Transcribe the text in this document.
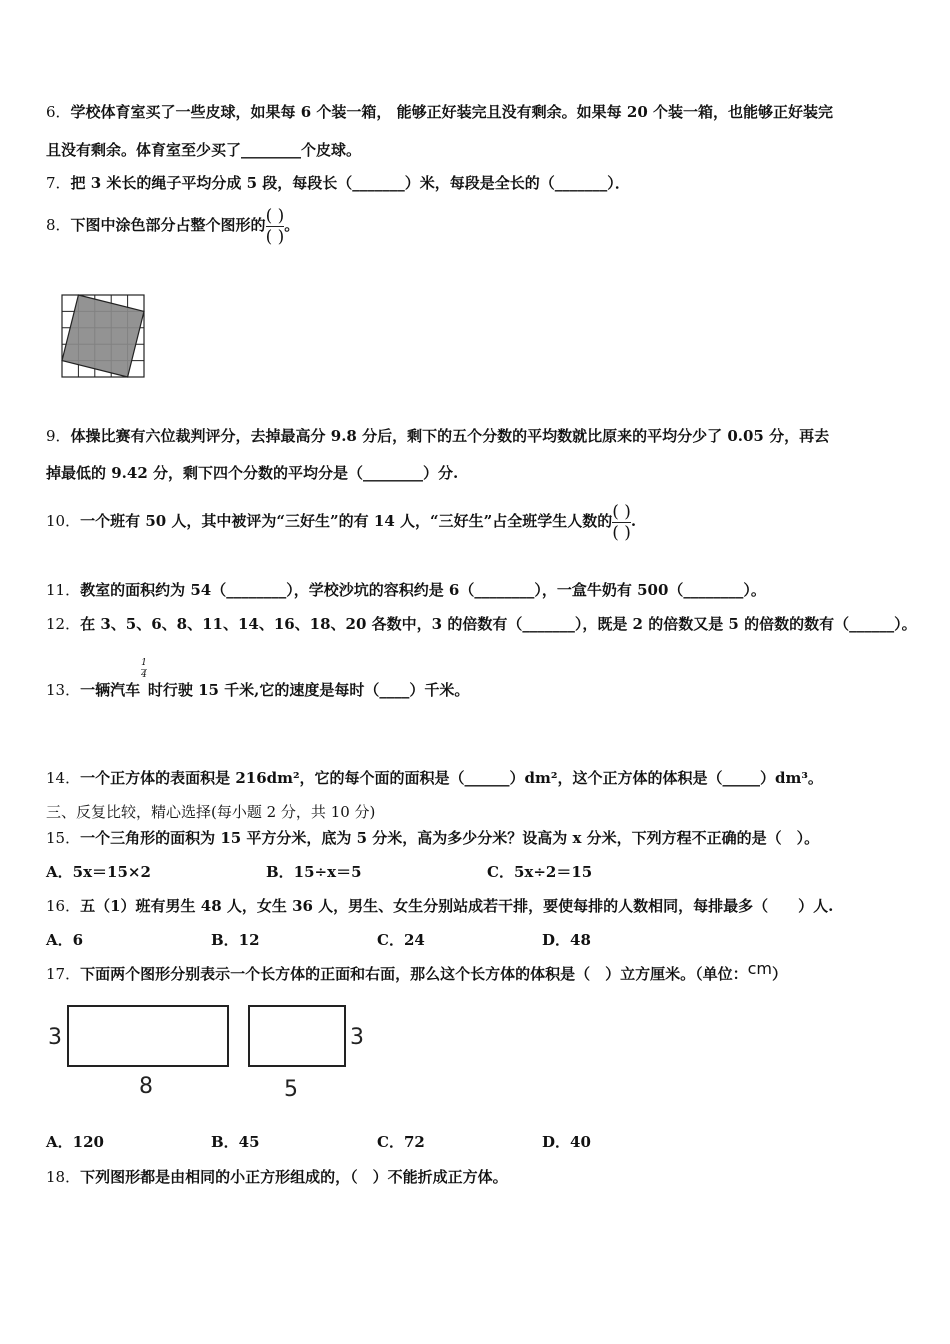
6．学校体育室买了一些皮球，如果每 6 个装一箱， 能够正好装完且没有剩余。如果每 20 个装一箱，也能够正好装完
且没有剩余。体育室至少买了________个皮球。
7．把 3 米长的绳子平均分成 5 段，每段长（_______）米，每段是全长的（_______）．
8．下图中涂色部分占整个图形的 $\frac{( )}{( )}$ 。
9．体操比赛有六位裁判评分，去掉最高分 9.8 分后，剩下的五个分数的平均数就比原来的平均分少了 0.05 分，再去
掉最低的 9.42 分，剩下四个分数的平均分是（________）分.
10．一个班有 50 人，其中被评为“三好生”的有 14 人，“三好生”占全班学生人数的 $\frac{( )}{( )}$ .
11．教室的面积约为 54（________），学校沙坑的容积约是 6（________），一盒牛奶有 500（________）。
12．在 3、5、6、8、11、14、16、18、20 各数中，3 的倍数有（_______），既是 2 的倍数又是 5 的倍数的数有（______）。
13．一辆汽车
$\frac{1}{4}$
时行驶 15 千米,它的速度是每时（____）千米。
14．一个正方体的表面积是 216dm²，它的每个面的面积是（______）dm²，这个正方体的体积是（_____）dm³。
三、反复比较，精心选择(每小题 2 分，共 10 分)
15．一个三角形的面积为 15 平方分米，底为 5 分米，高为多少分米？设高为 x 分米，下列方程不正确的是（　）。
A．5x＝15×2	B．15÷x＝5	C．5x÷2＝15
16．五（1）班有男生 48 人，女生 36 人，男生、女生分别站成若干排，要使每排的人数相同，每排最多（　　）人.
A．6	B．12	C．24	D．48
17．下面两个图形分别表示一个长方体的正面和右面，那么这个长方体的体积是（　）立方厘米。（单位：cm）
3
8
3
5
A．120	B．45	C．72	D．40
18．下列图形都是由相同的小正方形组成的，（　）不能折成正方体。
